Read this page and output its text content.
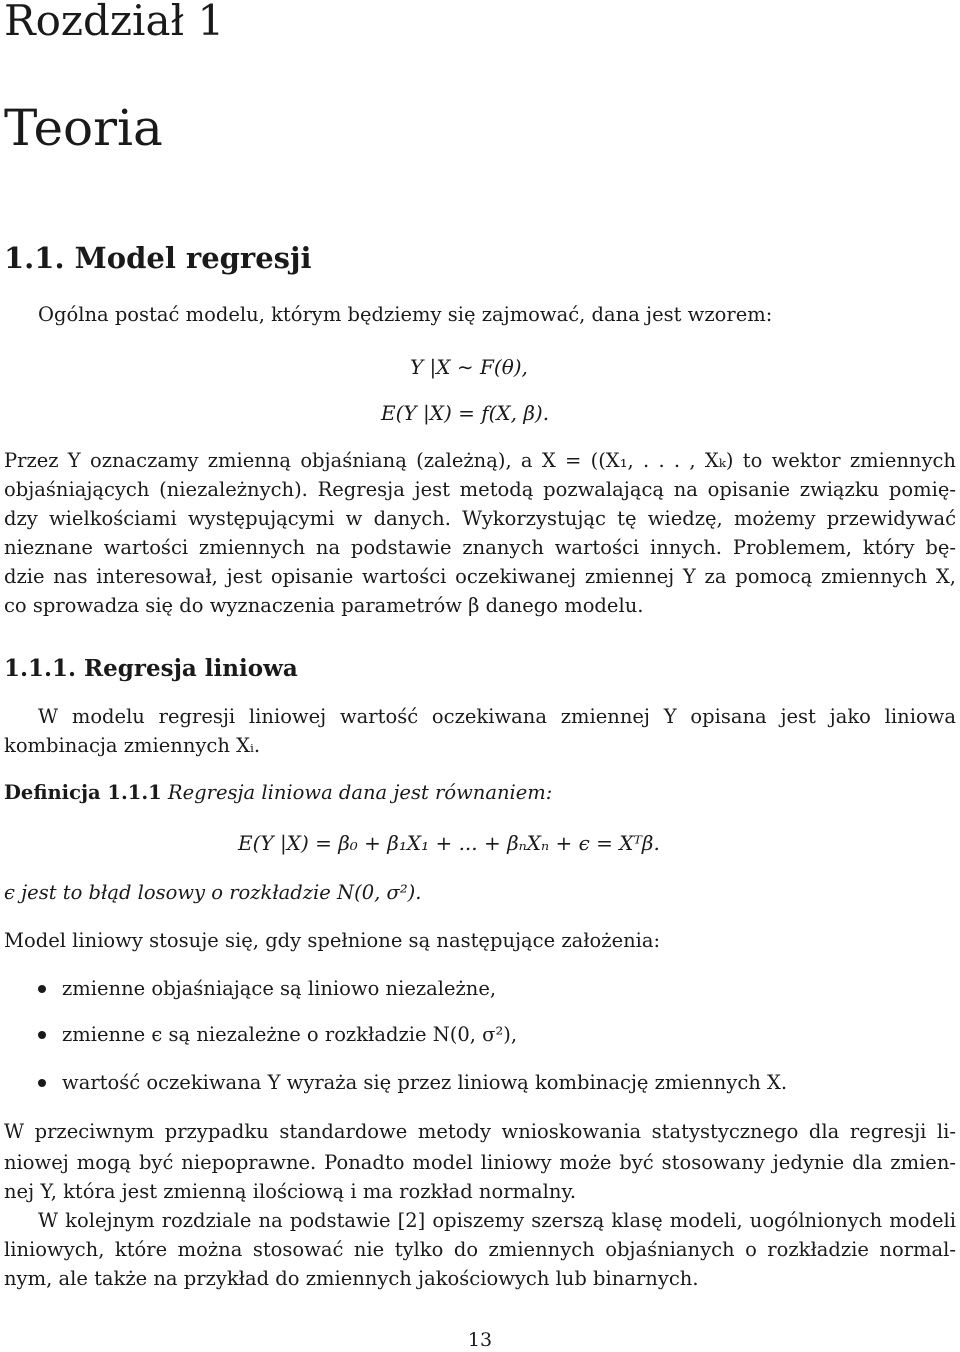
Rozdział 1
Teoria
1.1. Model regresji
Ogólna postać modelu, którym będziemy się zajmować, dana jest wzorem:
Y |X ∼ F(θ),
E(Y |X) = f(X, β).
Przez Y oznaczamy zmienną objaśnianą (zależną), a X = ((X₁, . . . , Xₖ) to wektor zmiennych
objaśniających (niezależnych). Regresja jest metodą pozwalającą na opisanie związku pomię-
dzy wielkościami występującymi w danych. Wykorzystując tę wiedzę, możemy przewidywać
nieznane wartości zmiennych na podstawie znanych wartości innych. Problemem, który bę-
dzie nas interesował, jest opisanie wartości oczekiwanej zmiennej Y za pomocą zmiennych X,
co sprowadza się do wyznaczenia parametrów β danego modelu.
1.1.1. Regresja liniowa
W modelu regresji liniowej wartość oczekiwana zmiennej Y opisana jest jako liniowa
kombinacja zmiennych Xᵢ.
Definicja 1.1.1 Regresja liniowa dana jest równaniem:
E(Y |X) = β₀ + β₁X₁ + ... + βₙXₙ + ϵ = Xᵀβ.
ϵ jest to błąd losowy o rozkładzie N(0, σ²).
Model liniowy stosuje się, gdy spełnione są następujące założenia:
zmienne objaśniające są liniowo niezależne,
zmienne ϵ są niezależne o rozkładzie N(0, σ²),
wartość oczekiwana Y wyraża się przez liniową kombinację zmiennych X.
W przeciwnym przypadku standardowe metody wnioskowania statystycznego dla regresji li-
niowej mogą być niepoprawne. Ponadto model liniowy może być stosowany jedynie dla zmien-
nej Y, która jest zmienną ilościową i ma rozkład normalny.
W kolejnym rozdziale na podstawie [2] opiszemy szerszą klasę modeli, uogólnionych modeli
liniowych, które można stosować nie tylko do zmiennych objaśnianych o rozkładzie normal-
nym, ale także na przykład do zmiennych jakościowych lub binarnych.
13
